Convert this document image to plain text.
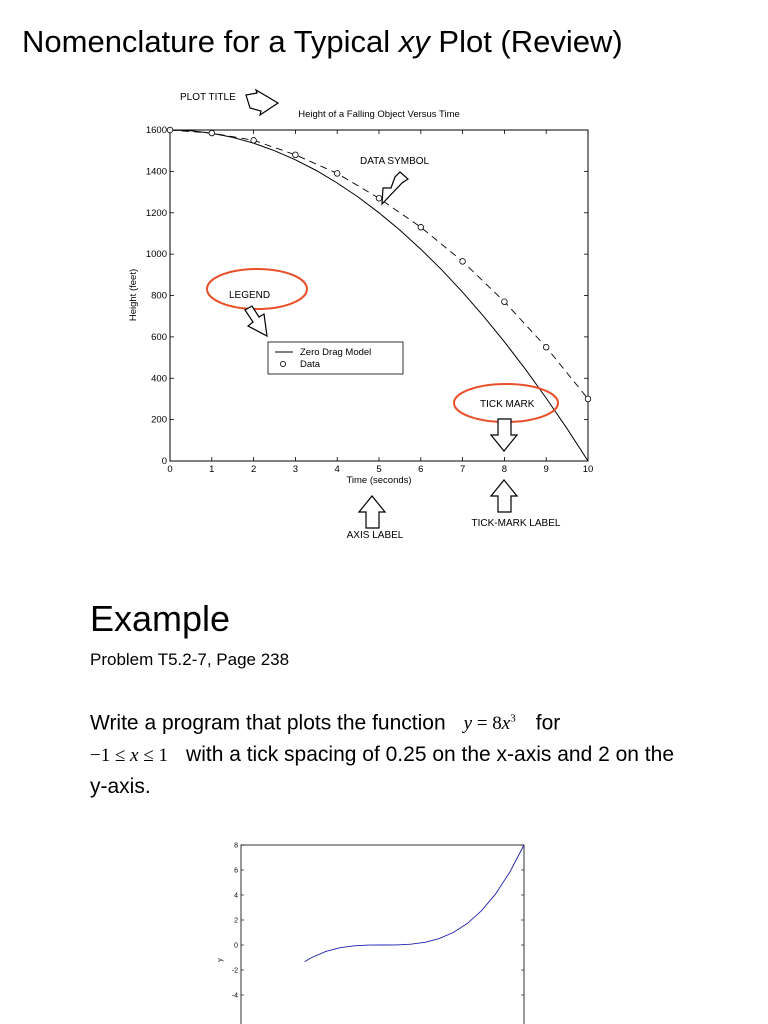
Nomenclature for a Typical xy Plot (Review)
0	1	2	3	4	5	6	7	8	9	10
0
200
400
600
800
1000
1200
1400
1600
Height of a Falling Object Versus Time
Time (seconds)
Height (feet)
Zero Drag Model
Data
PLOT TITLE
DATA SYMBOL
LEGEND
TICK MARK
AXIS LABEL
TICK-MARK LABEL
Example
Problem T5.2-7, Page 238
Write a program that plots the function $y = 8x^3$ for
−1 ≤ x ≤ 1 with a tick spacing of 0.25 on the x-axis and 2 on the y-axis.
8
6
4
2
0
-2
-4
y
